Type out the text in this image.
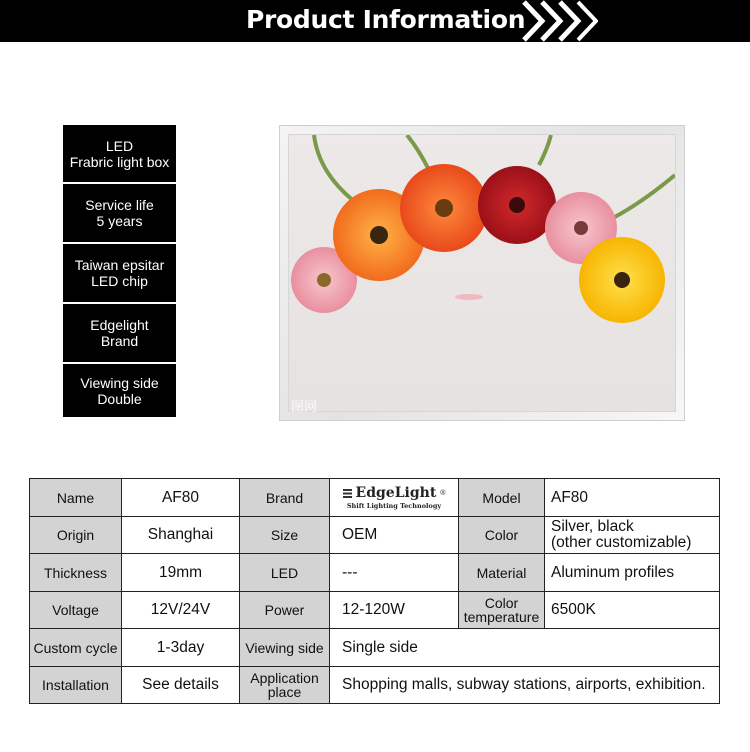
Product Information
LED
Frabric light box
Service life
5 years
Taiwan epsitar
LED chip
Edgelight
Brand
Viewing side
Double
图网
Name	AF80	Brand	EdgeLight ®
Shift Lighting Technology	Model	AF80
Origin	Shanghai	Size	OEM	Color	Silver, black
(other customizable)

Thickness	19mm	LED	---	Material	Aluminum profiles
Voltage	12V/24V	Power	12-120W	Color
temperature	6500K
Custom cycle	1-3day	Viewing side	Single side		
Installation	See details	Application
place	Shopping malls, subway stations, airports, exhibition.		
